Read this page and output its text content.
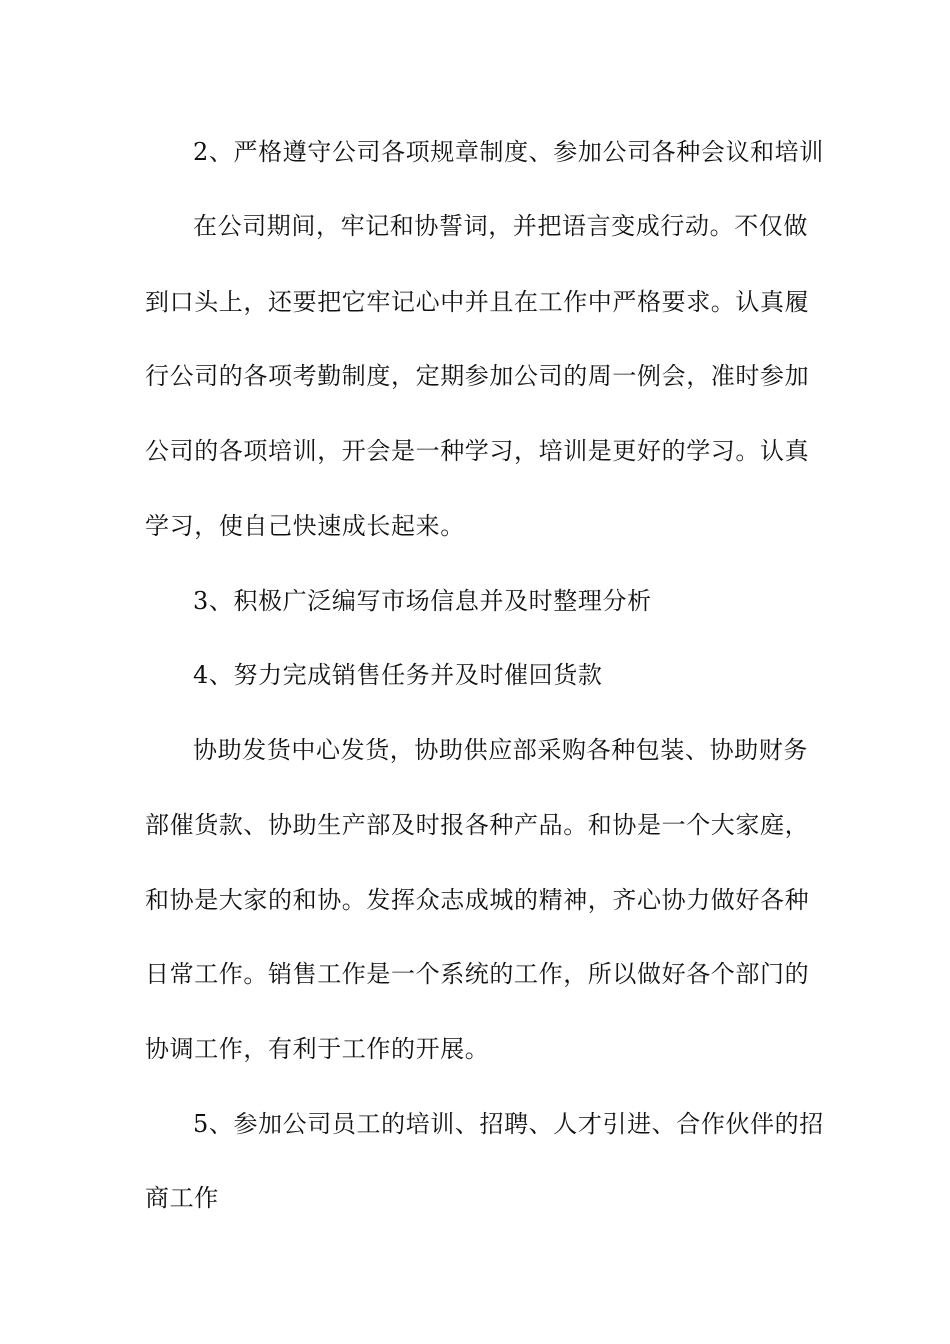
2、严格遵守公司各项规章制度、参加公司各种会议和培训
在公司期间，牢记和协誓词，并把语言变成行动。不仅做
到口头上，还要把它牢记心中并且在工作中严格要求。认真履
行公司的各项考勤制度，定期参加公司的周一例会，准时参加
公司的各项培训，开会是一种学习，培训是更好的学习。认真
学习，使自己快速成长起来。
3、积极广泛编写市场信息并及时整理分析
4、努力完成销售任务并及时催回货款
协助发货中心发货，协助供应部采购各种包装、协助财务
部催货款、协助生产部及时报各种产品。和协是一个大家庭，
和协是大家的和协。发挥众志成城的精神，齐心协力做好各种
日常工作。销售工作是一个系统的工作，所以做好各个部门的
协调工作，有利于工作的开展。
5、参加公司员工的培训、招聘、人才引进、合作伙伴的招
商工作
